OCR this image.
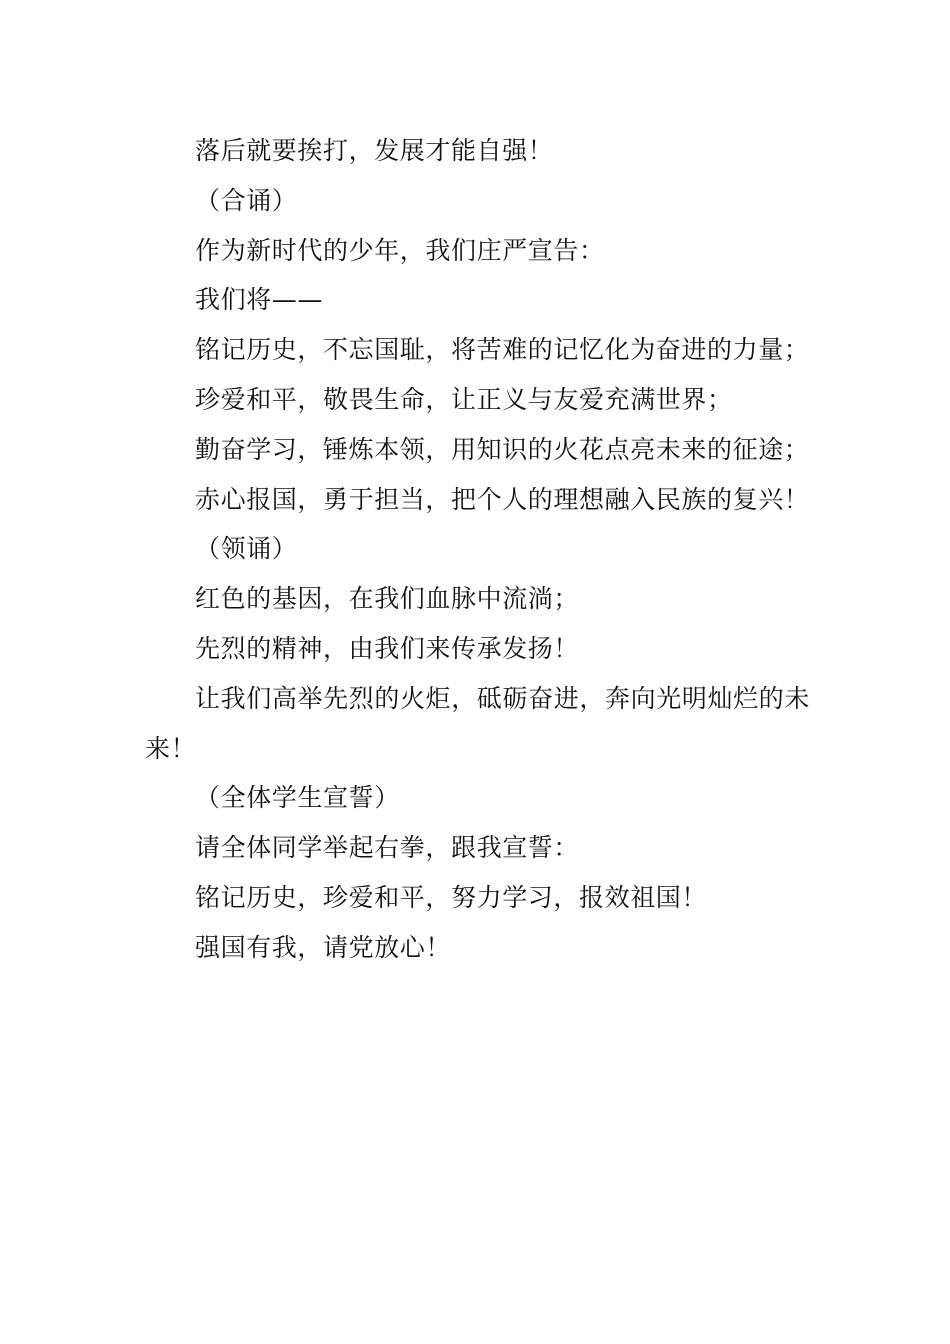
落后就要挨打，发展才能自强！

（合诵）

作为新时代的少年，我们庄严宣告：

我们将——

铭记历史，不忘国耻，将苦难的记忆化为奋进的力量；

珍爱和平，敬畏生命，让正义与友爱充满世界；

勤奋学习，锤炼本领，用知识的火花点亮未来的征途；

赤心报国，勇于担当，把个人的理想融入民族的复兴！

（领诵）

红色的基因，在我们血脉中流淌；

先烈的精神，由我们来传承发扬！

让我们高举先烈的火炬，砥砺奋进，奔向光明灿烂的未来！

（全体学生宣誓）

请全体同学举起右拳，跟我宣誓：

铭记历史，珍爱和平，努力学习，报效祖国！

强国有我，请党放心！
